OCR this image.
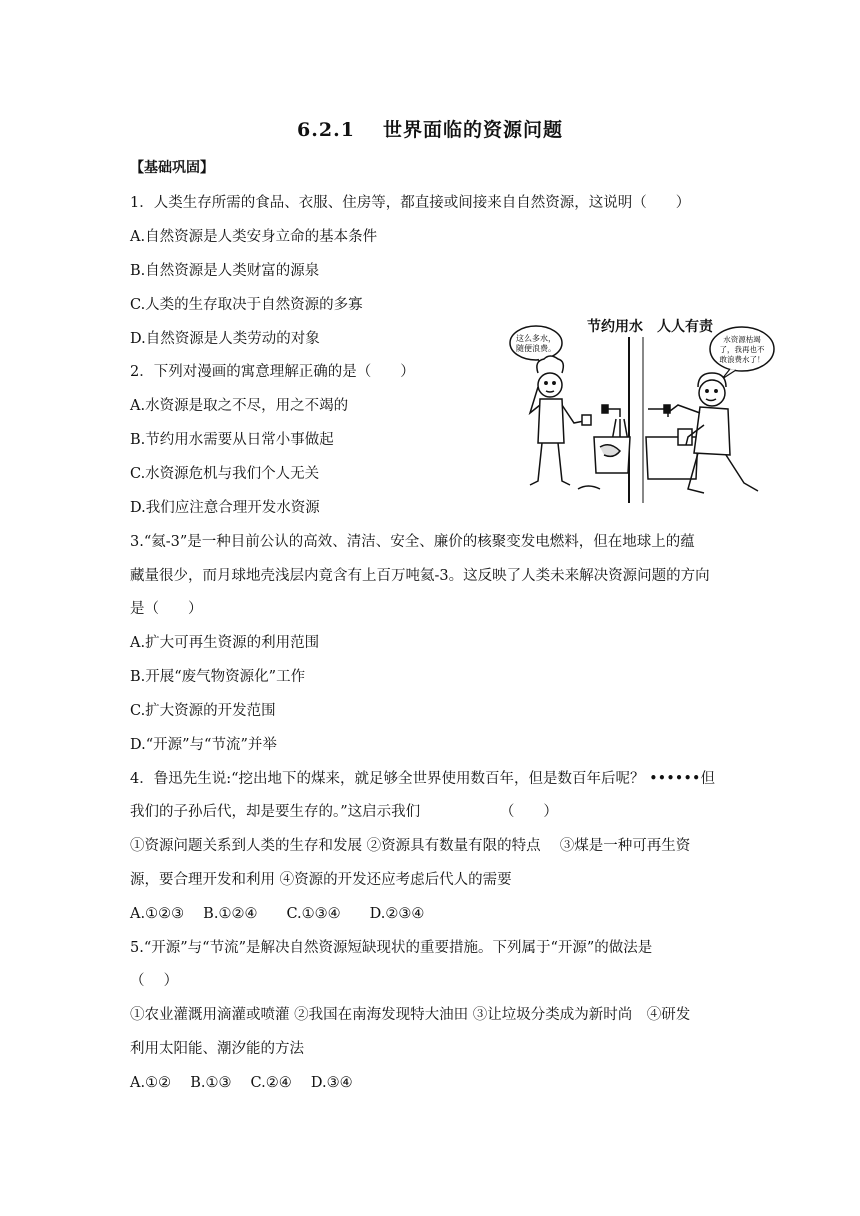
6.2.1 世界面临的资源问题
【基础巩固】
1．人类生存所需的食品、衣服、住房等，都直接或间接来自自然资源，这说明（　　）
A.自然资源是人类安身立命的基本条件
B.自然资源是人类财富的源泉
C.人类的生存取决于自然资源的多寡
D.自然资源是人类劳动的对象
2．下列对漫画的寓意理解正确的是（　　）
A.水资源是取之不尽，用之不竭的
B.节约用水需要从日常小事做起
C.水资源危机与我们个人无关
D.我们应注意合理开发水资源
3.“氦-3”是一种目前公认的高效、清洁、安全、廉价的核聚变发电燃料，但在地球上的蕴
藏量很少，而月球地壳浅层内竟含有上百万吨氦-3。这反映了人类未来解决资源问题的方向
是（　　）
A.扩大可再生资源的利用范围
B.开展“废气物资源化”工作
C.扩大资源的开发范围
D.“开源”与“节流”并举
4．鲁迅先生说:“挖出地下的煤来，就足够全世界使用数百年，但是数百年后呢？ ••••••但
我们的子孙后代，却是要生存的。”这启示我们　　　　　　（　　）
①资源问题关系到人类的生存和发展 ②资源具有数量有限的特点　 ③煤是一种可再生资
源，要合理开发和利用 ④资源的开发还应考虑后代人的需要
A.①②③　 B.①②④　　C.①③④　　D.②③④
5.“开源”与“节流”是解决自然资源短缺现状的重要措施。下列属于“开源”的做法是
（　 ）
①农业灌溉用滴灌或喷灌 ②我国在南海发现特大油田 ③让垃圾分类成为新时尚　④研发
利用太阳能、潮汐能的方法
A.①②　 B.①③　 C.②④　 D.③④
节约用水　人人有责
这么多水，
随便浪费。
水资源枯竭
了，我再也不
敢浪费水了！
